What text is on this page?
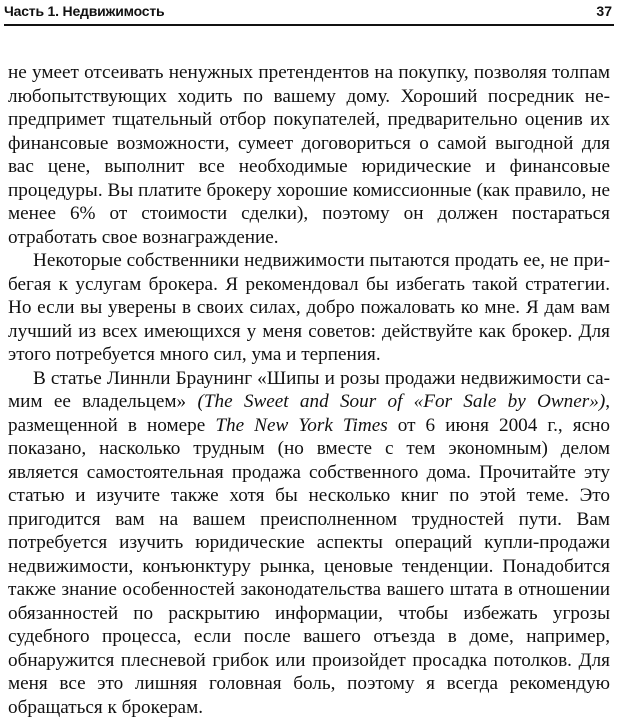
Часть 1. Недвижимость	37

не умеет отсеивать ненужных претендентов на покупку, позволяя толпам любопытствующих ходить по вашему дому. Хороший посредник нe предпримет тщательный отбор покупателей, предварительно оценив их финансовые возможности, сумеет договориться о самой выгодной для вас цене, выполнит все необходимые юридические и финансовые процедуры. Вы платите брокеру хорошие комиссионные (как правило, не менее 6% от стоимости сделки), поэтому он должен постараться отработать свое вознаграждение.

Некоторые собственники недвижимости пытаются продать ее, не прибегая к услугам брокера. Я рекомендовал бы избегать такой стратегии. Но если вы уверены в своих силах, добро пожаловать ко мне. Я дам вам лучший из всех имеющихся у меня советов: действуйте как брокер. Для этого потребуется много сил, ума и терпения.

В статье Линнли Браунинг «Шипы и розы продажи недвижимости самим ее владельцем» (The Sweet and Sour of «For Sale by Owner»), размещенной в номере The New York Times от 6 июня 2004 г., ясно показано, насколько трудным (но вместе с тем экономным) делом является самостоятельная продажа собственного дома. Прочитайте эту статью и изучите также хотя бы несколько книг по этой теме. Это пригодится вам на вашем преисполненном трудностей пути. Вам потребуется изучить юридические аспекты операций купли-продажи недвижимости, конъюнктуру рынка, ценовые тенденции. Понадобится также знание особенностей законодательства вашего штата в отношении обязанностей по раскрытию информации, чтобы избежать угрозы судебного процесса, если после вашего отъезда в доме, например, обнаружится плесневой грибок или произойдет просадка потолков. Для меня все это лишняя головная боль, поэтому я всегда рекомендую обращаться к брокерам.
